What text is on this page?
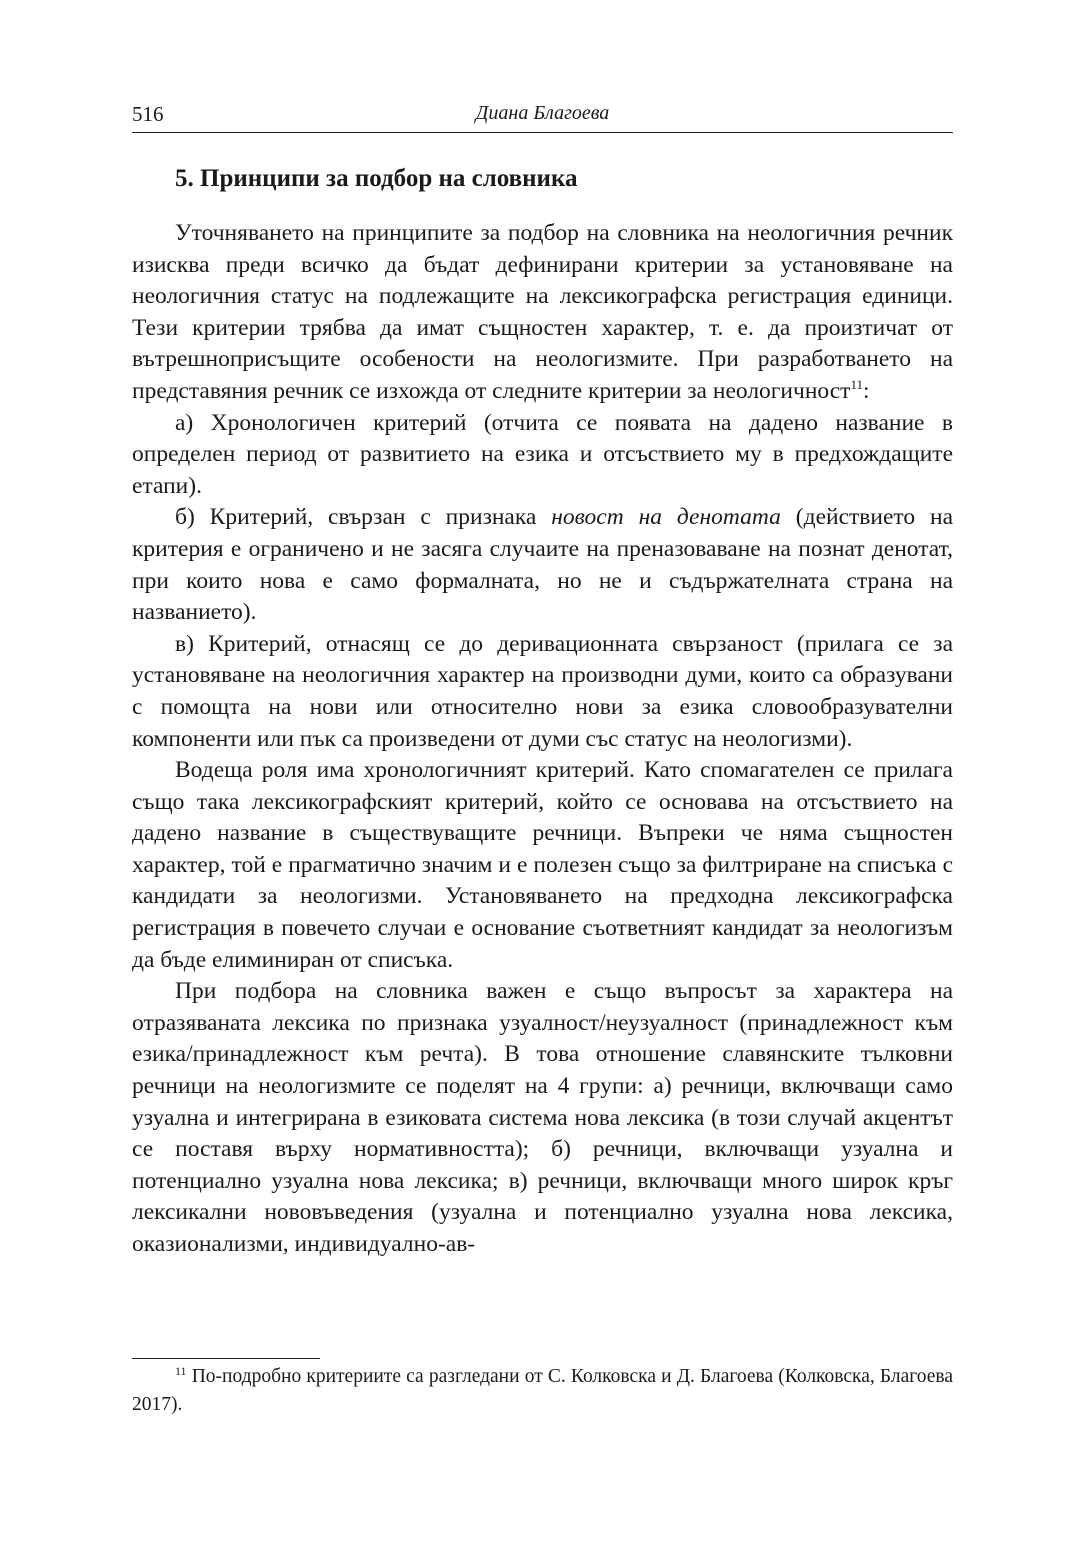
516	Диана Благоева
5. Принципи за подбор на словника

Уточняването на принципите за подбор на словника на неологичния речник изисква преди всичко да бъдат дефинирани критерии за установяване на неологичния статус на подлежащите на лексикографска регистрация единици. Тези критерии трябва да имат същностен характер, т. е. да произтичат от вътрешноприсъщите особености на неологизмите. При разработването на представяния речник се изхожда от следните критерии за неологичност$^{11}$:

а) Хронологичен критерий (отчита се появата на дадено название в определен период от развитието на езика и отсъствието му в предхождащите етапи).

б) Критерий, свързан с признака новост на денотата (действието на критерия е ограничено и не засяга случаите на преназоваване на познат денотат, при които нова е само формалната, но не и съдържателната страна на названието).

в) Критерий, отнасящ се до деривационната свързаност (прилага се за установяване на неологичния характер на производни думи, които са образувани с помощта на нови или относително нови за езика словообразувателни компоненти или пък са произведени от думи със статус на неологизми).

Водеща роля има хронологичният критерий. Като спомагателен се прилага също така лексикографският критерий, който се основава на отсъствието на дадено название в съществуващите речници. Въпреки че няма същностен характер, той е прагматично значим и е полезен също за филтриране на списъка с кандидати за неологизми. Установяването на предходна лексикографска регистрация в повечето случаи е основание съответният кандидат за неологизъм да бъде елиминиран от списъка.

При подбора на словника важен е също въпросът за характера на отразяваната лексика по признака узуалност/неузуалност (принадлежност към езика/принадлежност към речта). В това отношение славянските тълковни речници на неологизмите се поделят на 4 групи: а) речници, включващи само узуална и интегрирана в езиковата система нова лексика (в този случай акцентът се поставя върху нормативността); б) речници, включващи узуална и потенциално узуална нова лексика; в) речници, включващи много широк кръг лексикални нововъведения (узуална и потенциално узуална нова лексика, оказионализми, индивидуално-ав-

$^{11}$ По-подробно критериите са разгледани от С. Колковска и Д. Благоева (Колковска, Благоева 2017).
